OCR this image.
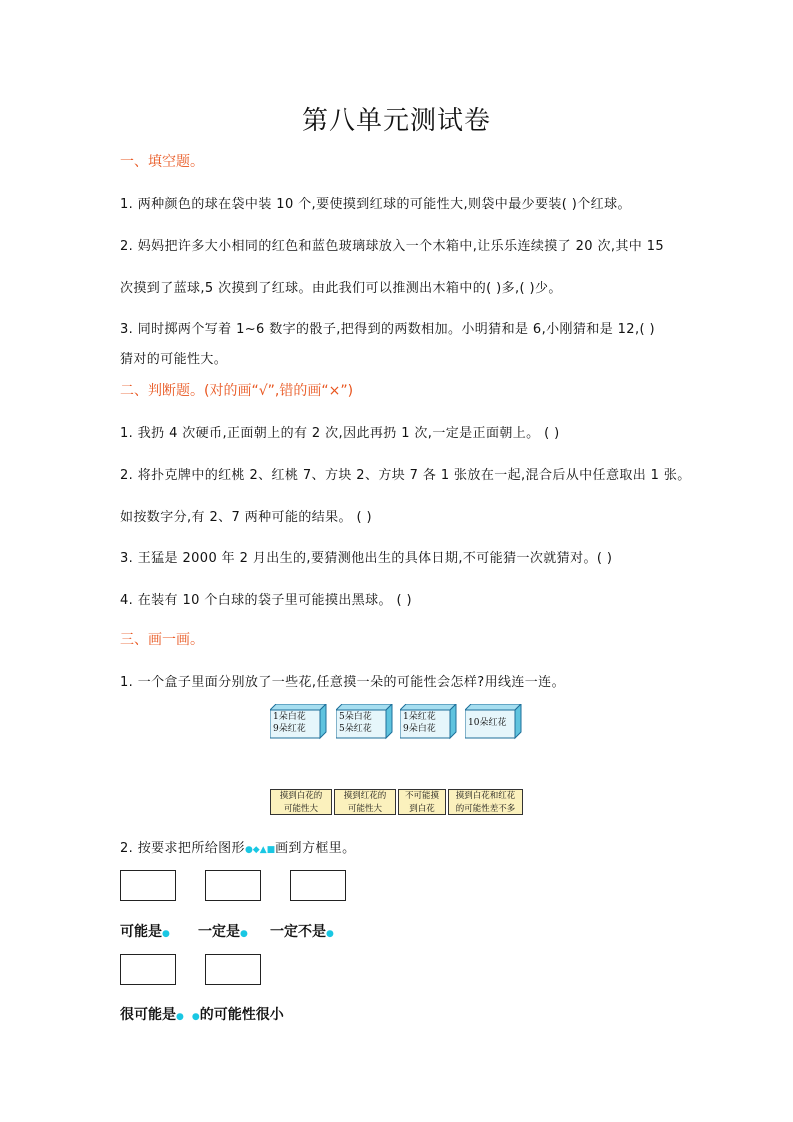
第八单元测试卷
一、填空题。
1. 两种颜色的球在袋中装 10 个,要使摸到红球的可能性大,则袋中最少要装( )个红球。
2. 妈妈把许多大小相同的红色和蓝色玻璃球放入一个木箱中,让乐乐连续摸了 20 次,其中 15
次摸到了蓝球,5 次摸到了红球。由此我们可以推测出木箱中的( )多,( )少。
3. 同时掷两个写着 1~6 数字的骰子,把得到的两数相加。小明猜和是 6,小刚猜和是 12,( )
猜对的可能性大。
二、判断题。(对的画“√”,错的画“×”)
1. 我扔 4 次硬币,正面朝上的有 2 次,因此再扔 1 次,一定是正面朝上。 ( )
2. 将扑克牌中的红桃 2、红桃 7、方块 2、方块 7 各 1 张放在一起,混合后从中任意取出 1 张。
如按数字分,有 2、7 两种可能的结果。 ( )
3. 王猛是 2000 年 2 月出生的,要猜测他出生的具体日期,不可能猜一次就猜对。( )
4. 在装有 10 个白球的袋子里可能摸出黑球。 ( )
三、画一画。
1. 一个盒子里面分别放了一些花,任意摸一朵的可能性会怎样?用线连一连。
1朵白花
9朵红花
5朵白花
5朵红花
1朵红花
9朵白花
10朵红花
摸到白花的
可能性大
摸到红花的
可能性大
不可能摸
到白花
摸到白花和红花
的可能性差不多
2. 按要求把所给图形●◆▲■画到方框里。
可能是● 一定是● 一定不是●
很可能是● ●的可能性很小
